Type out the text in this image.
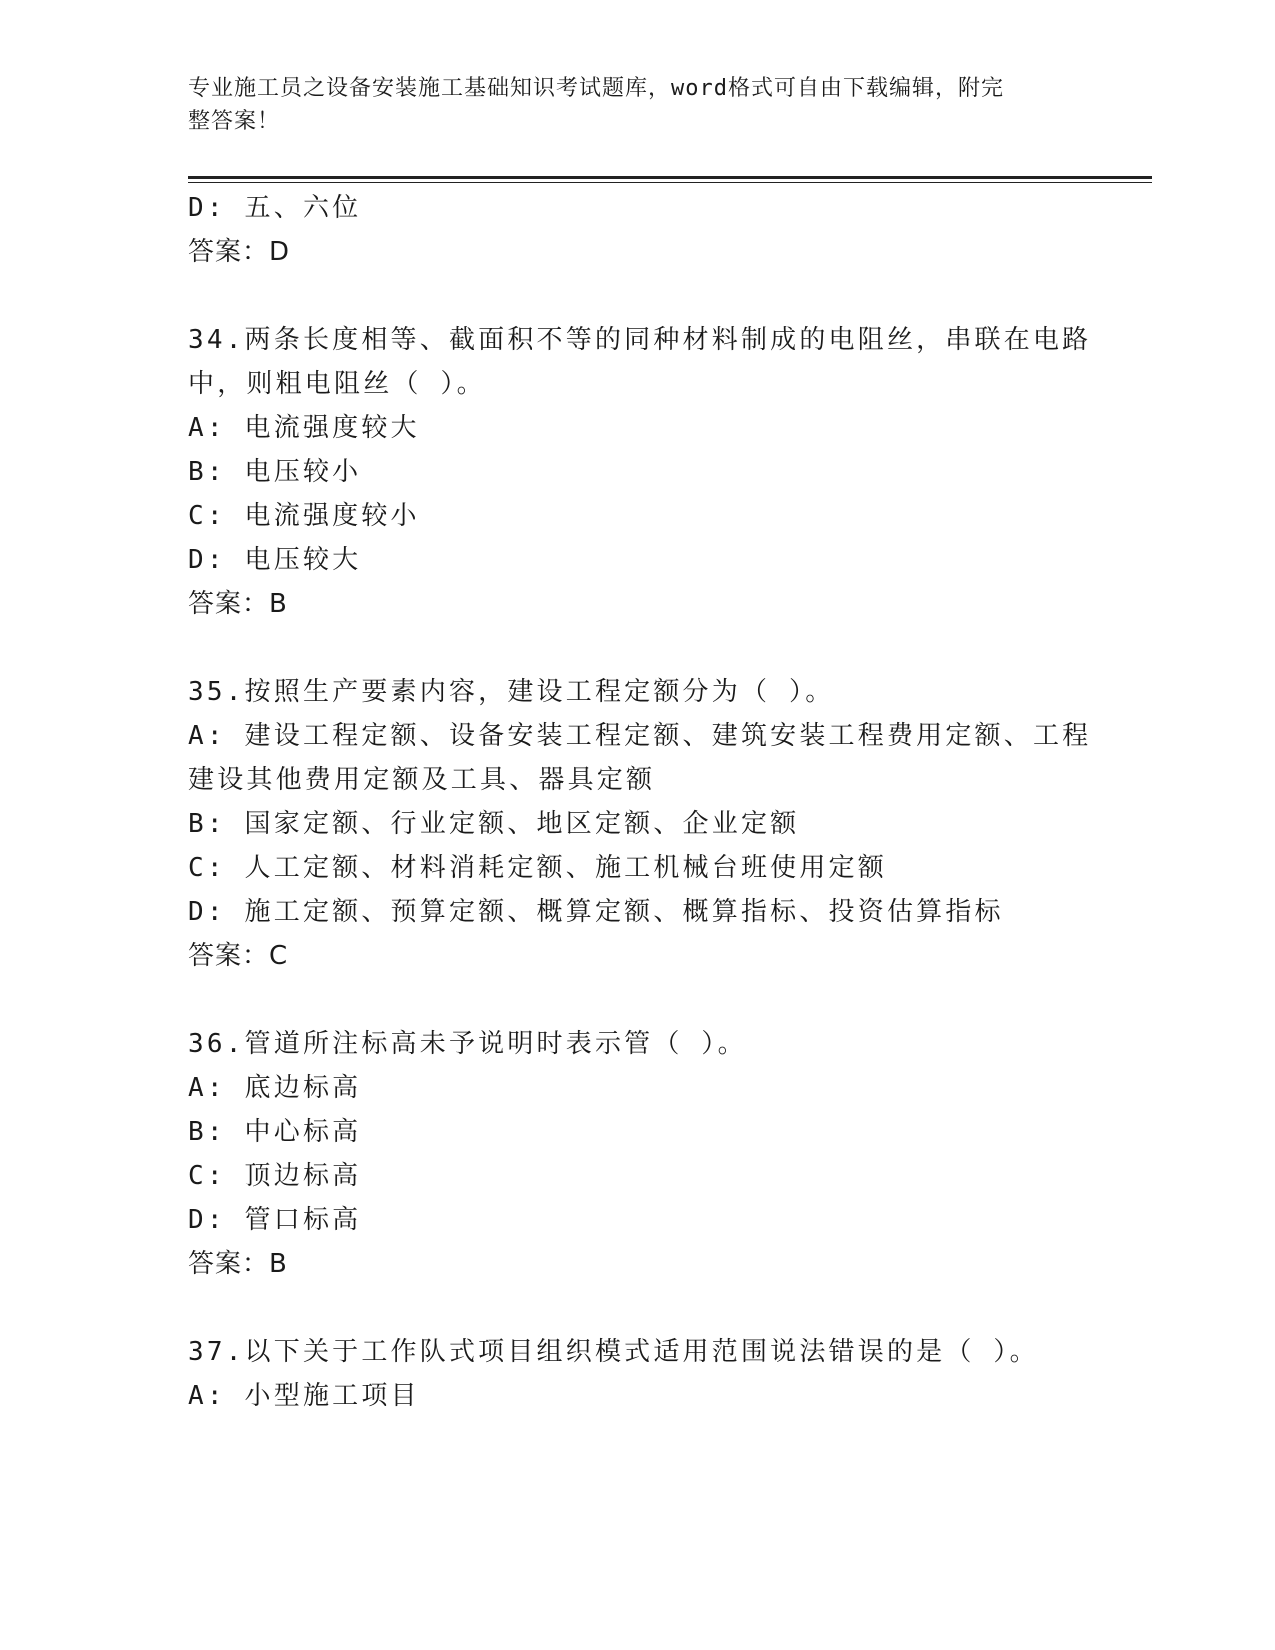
专业施工员之设备安装施工基础知识考试题库，word格式可自由下载编辑，附完
整答案！
D: 五、六位
答案：D
34.两条长度相等、截面积不等的同种材料制成的电阻丝，串联在电路
中，则粗电阻丝（ ）。
A: 电流强度较大
B: 电压较小
C: 电流强度较小
D: 电压较大
答案：B
35.按照生产要素内容，建设工程定额分为（ ）。
A: 建设工程定额、设备安装工程定额、建筑安装工程费用定额、工程
建设其他费用定额及工具、器具定额
B: 国家定额、行业定额、地区定额、企业定额
C: 人工定额、材料消耗定额、施工机械台班使用定额
D: 施工定额、预算定额、概算定额、概算指标、投资估算指标
答案：C
36.管道所注标高未予说明时表示管（ ）。
A: 底边标高
B: 中心标高
C: 顶边标高
D: 管口标高
答案：B
37.以下关于工作队式项目组织模式适用范围说法错误的是（ ）。
A: 小型施工项目
